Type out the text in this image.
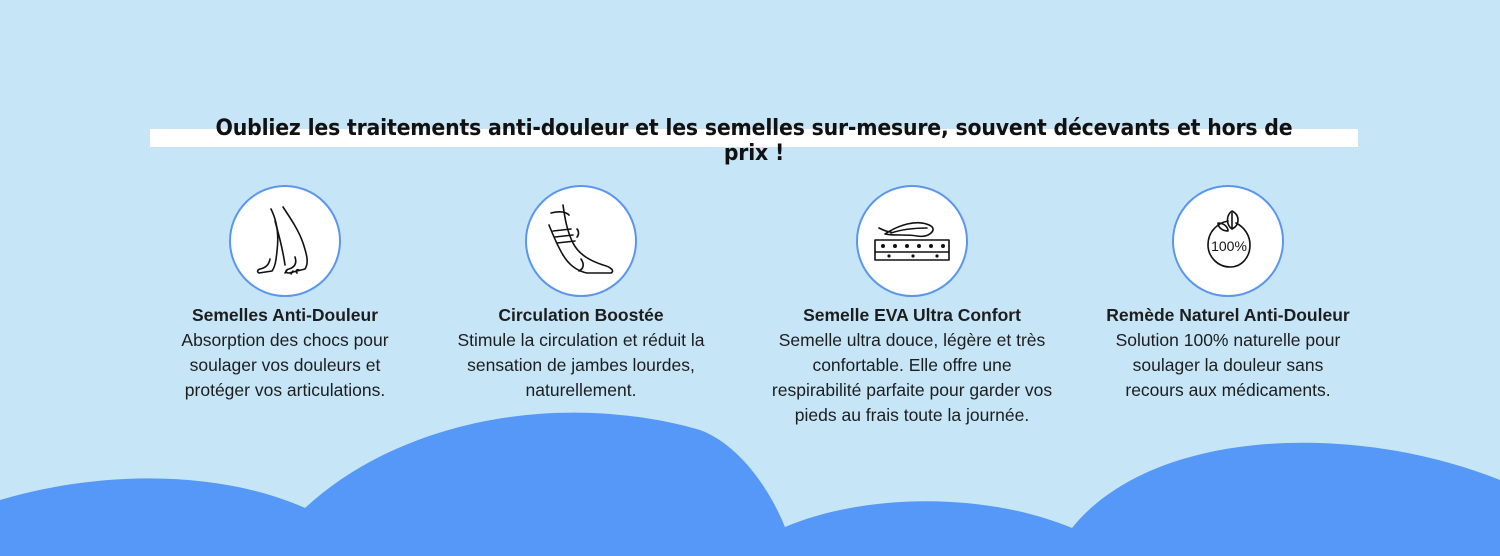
Oubliez les traitements anti-douleur et les semelles sur-mesure, souvent décevants et hors de prix !
Semelles Anti-Douleur
Absorption des chocs pour soulager vos douleurs et protéger vos articulations.
Circulation Boostée
Stimule la circulation et réduit la sensation de jambes lourdes, naturellement.
Semelle EVA Ultra Confort
Semelle ultra douce, légère et très confortable. Elle offre une respirabilité parfaite pour garder vos pieds au frais toute la journée.
100%
Remède Naturel Anti-Douleur
Solution 100% naturelle pour soulager la douleur sans recours aux médicaments.
